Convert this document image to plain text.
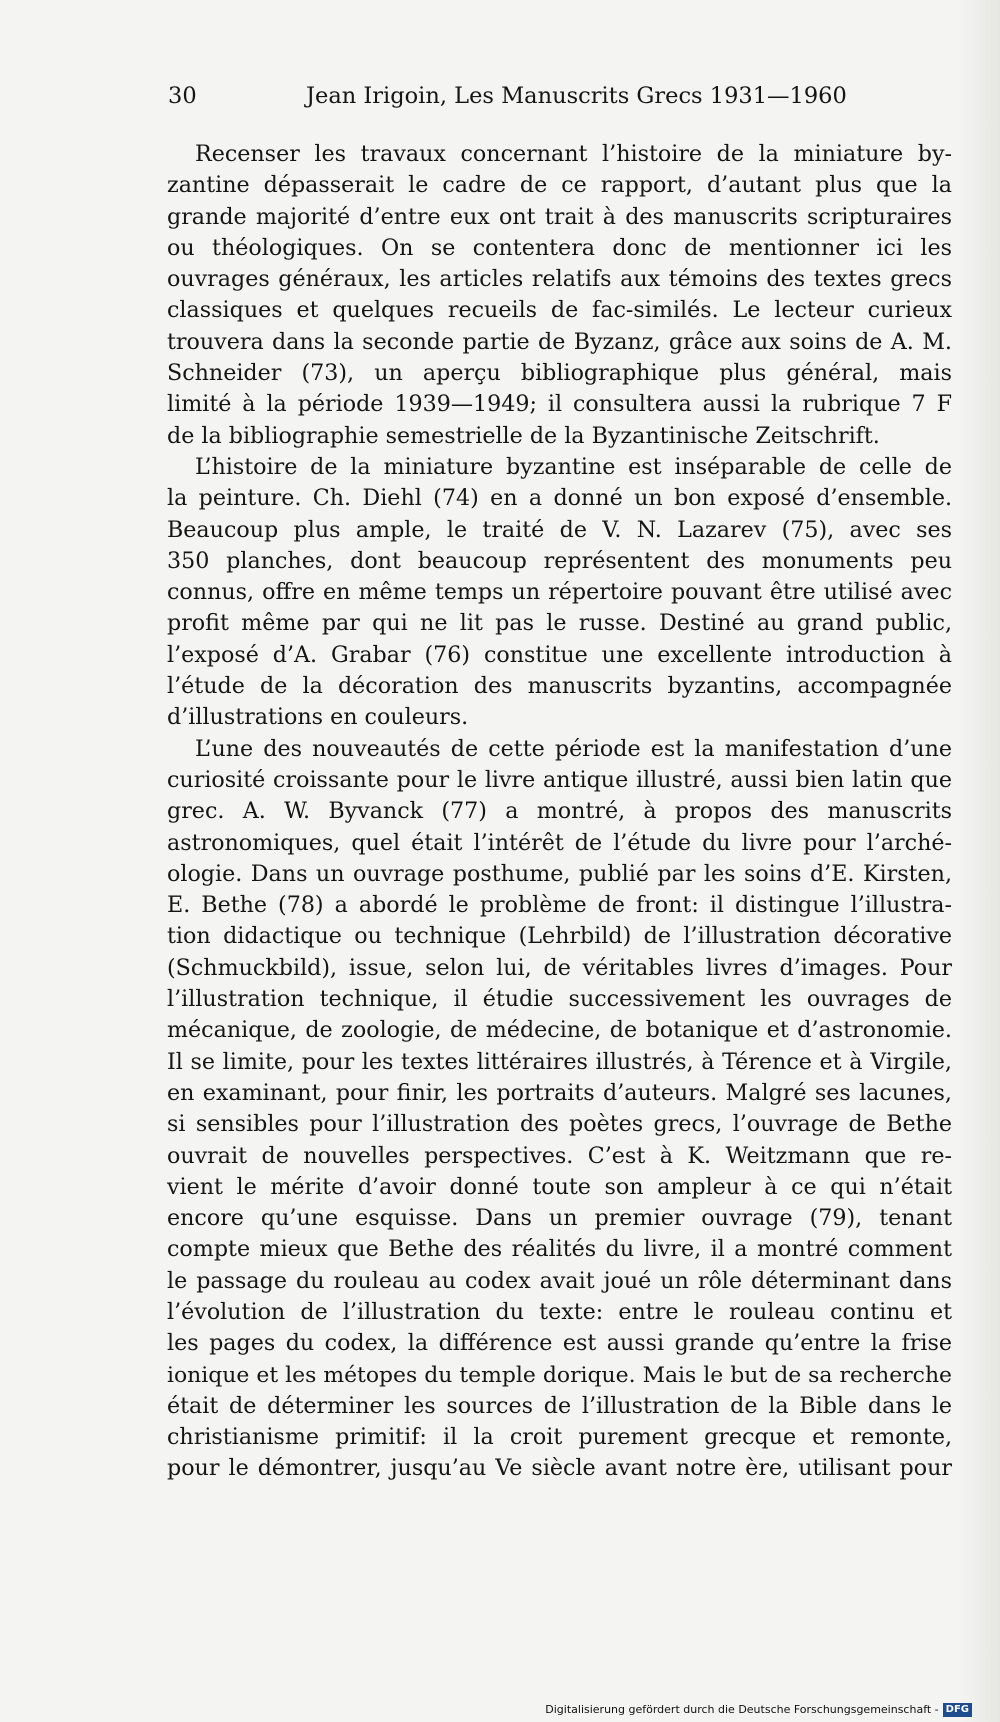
30	Jean Irigoin, Les Manuscrits Grecs 1931—1960
Recenser les travaux concernant l’histoire de la miniature by-
zantine dépasserait le cadre de ce rapport, d’autant plus que la
grande majorité d’entre eux ont trait à des manuscrits scripturaires
ou théologiques. On se contentera donc de mentionner ici les
ouvrages généraux, les articles relatifs aux témoins des textes grecs
classiques et quelques recueils de fac-similés. Le lecteur curieux
trouvera dans la seconde partie de Byzanz, grâce aux soins de A. M.
Schneider (73), un aperçu bibliographique plus général, mais
limité à la période 1939—1949; il consultera aussi la rubrique 7 F
de la bibliographie semestrielle de la Byzantinische Zeitschrift.
L’histoire de la miniature byzantine est inséparable de celle de
la peinture. Ch. Diehl (74) en a donné un bon exposé d’ensemble.
Beaucoup plus ample, le traité de V. N. Lazarev (75), avec ses
350 planches, dont beaucoup représentent des monuments peu
connus, offre en même temps un répertoire pouvant être utilisé avec
profit même par qui ne lit pas le russe. Destiné au grand public,
l’exposé d’A. Grabar (76) constitue une excellente introduction à
l’étude de la décoration des manuscrits byzantins, accompagnée
d’illustrations en couleurs.
L’une des nouveautés de cette période est la manifestation d’une
curiosité croissante pour le livre antique illustré, aussi bien latin que
grec. A. W. Byvanck (77) a montré, à propos des manuscrits
astronomiques, quel était l’intérêt de l’étude du livre pour l’arché-
ologie. Dans un ouvrage posthume, publié par les soins d’E. Kirsten,
E. Bethe (78) a abordé le problème de front: il distingue l’illustra-
tion didactique ou technique (Lehrbild) de l’illustration décorative
(Schmuckbild), issue, selon lui, de véritables livres d’images. Pour
l’illustration technique, il étudie successivement les ouvrages de
mécanique, de zoologie, de médecine, de botanique et d’astronomie.
Il se limite, pour les textes littéraires illustrés, à Térence et à Virgile,
en examinant, pour finir, les portraits d’auteurs. Malgré ses lacunes,
si sensibles pour l’illustration des poètes grecs, l’ouvrage de Bethe
ouvrait de nouvelles perspectives. C’est à K. Weitzmann que re-
vient le mérite d’avoir donné toute son ampleur à ce qui n’était
encore qu’une esquisse. Dans un premier ouvrage (79), tenant
compte mieux que Bethe des réalités du livre, il a montré comment
le passage du rouleau au codex avait joué un rôle déterminant dans
l’évolution de l’illustration du texte: entre le rouleau continu et
les pages du codex, la différence est aussi grande qu’entre la frise
ionique et les métopes du temple dorique. Mais le but de sa recherche
était de déterminer les sources de l’illustration de la Bible dans le
christianisme primitif: il la croit purement grecque et remonte,
pour le démontrer, jusqu’au Ve siècle avant notre ère, utilisant pour
Digitalisierung gefördert durch die Deutsche Forschungsgemeinschaft - DFG
